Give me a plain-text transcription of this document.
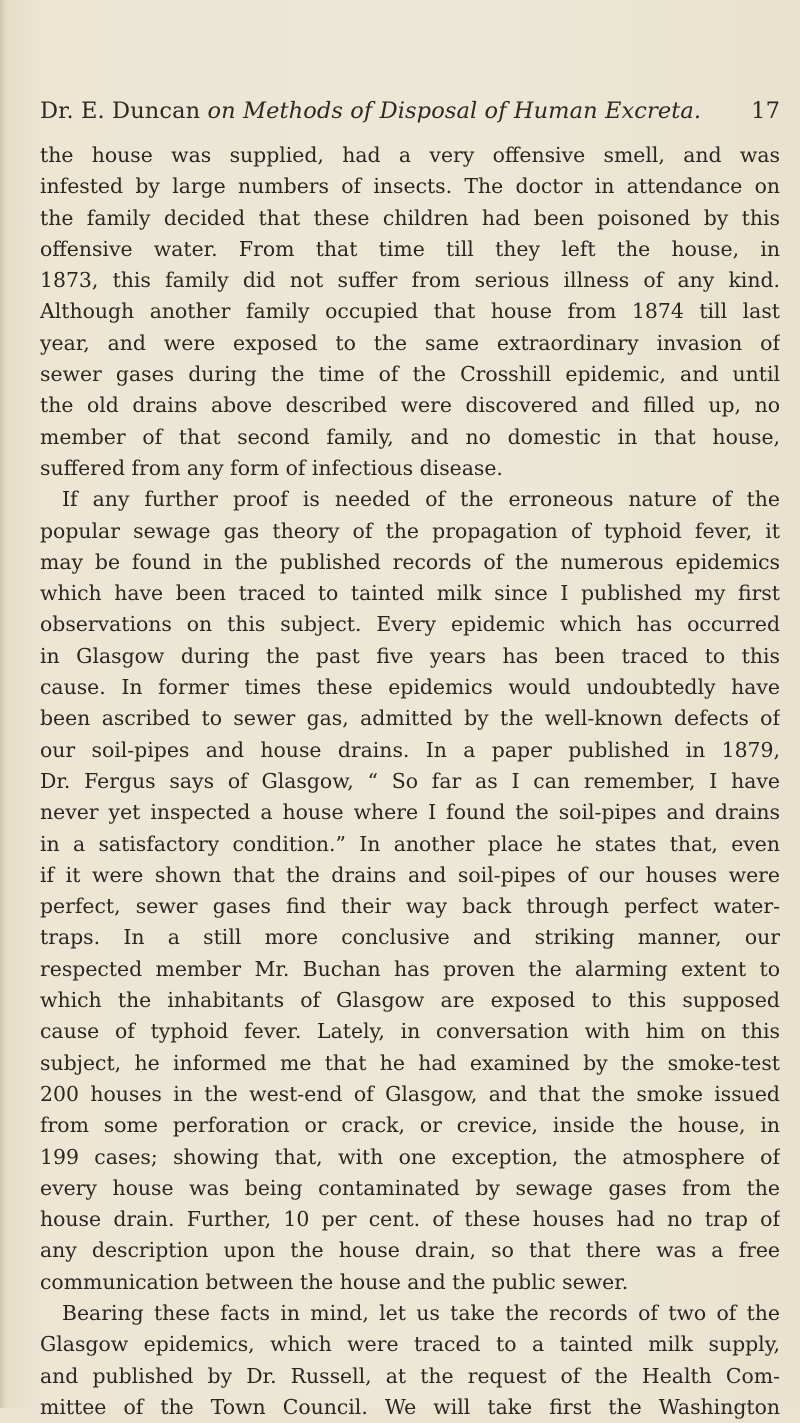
Dr. E. Duncan on Methods of Disposal of Human Excreta. 17
the house was supplied, had a very offensive smell, and was
infested by large numbers of insects. The doctor in attendance on
the family decided that these children had been poisoned by this
offensive water. From that time till they left the house, in
1873, this family did not suffer from serious illness of any kind.
Although another family occupied that house from 1874 till last
year, and were exposed to the same extraordinary invasion of
sewer gases during the time of the Crosshill epidemic, and until
the old drains above described were discovered and filled up, no
member of that second family, and no domestic in that house,
suffered from any form of infectious disease.
If any further proof is needed of the erroneous nature of the
popular sewage gas theory of the propagation of typhoid fever, it
may be found in the published records of the numerous epidemics
which have been traced to tainted milk since I published my first
observations on this subject. Every epidemic which has occurred
in Glasgow during the past five years has been traced to this
cause. In former times these epidemics would undoubtedly have
been ascribed to sewer gas, admitted by the well-known defects of
our soil-pipes and house drains. In a paper published in 1879,
Dr. Fergus says of Glasgow, “ So far as I can remember, I have
never yet inspected a house where I found the soil-pipes and drains
in a satisfactory condition.” In another place he states that, even
if it were shown that the drains and soil-pipes of our houses were
perfect, sewer gases find their way back through perfect water-
traps. In a still more conclusive and striking manner, our
respected member Mr. Buchan has proven the alarming extent to
which the inhabitants of Glasgow are exposed to this supposed
cause of typhoid fever. Lately, in conversation with him on this
subject, he informed me that he had examined by the smoke-test
200 houses in the west-end of Glasgow, and that the smoke issued
from some perforation or crack, or crevice, inside the house, in
199 cases; showing that, with one exception, the atmosphere of
every house was being contaminated by sewage gases from the
house drain. Further, 10 per cent. of these houses had no trap of
any description upon the house drain, so that there was a free
communication between the house and the public sewer.
Bearing these facts in mind, let us take the records of two of the
Glasgow epidemics, which were traced to a tainted milk supply,
and published by Dr. Russell, at the request of the Health Com-
mittee of the Town Council. We will take first the Washington
